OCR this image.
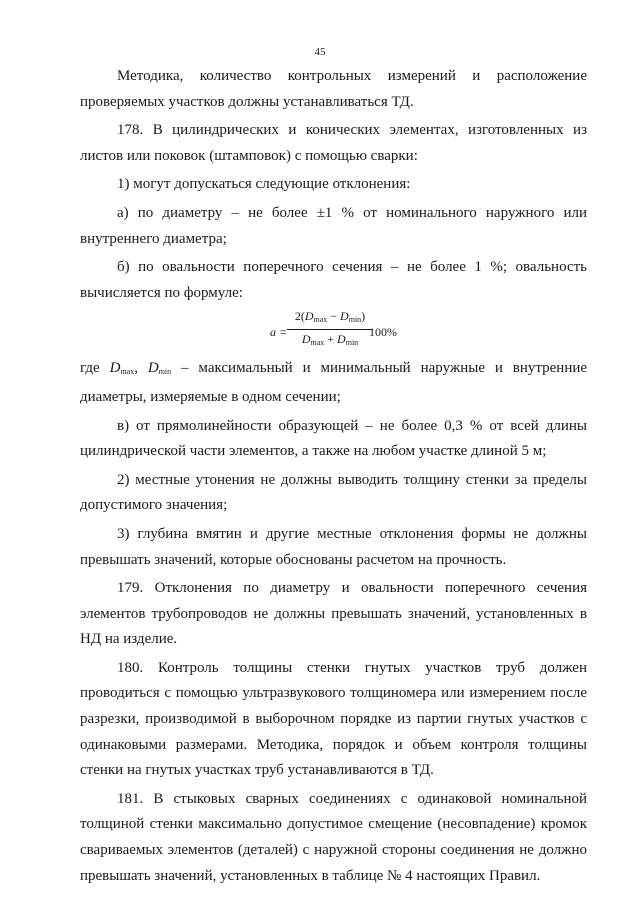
45

Методика, количество контрольных измерений и расположение проверяемых участков должны устанавливаться ТД.

178. В цилиндрических и конических элементах, изготовленных из листов или поковок (штамповок) с помощью сварки:

1) могут допускаться следующие отклонения:

а) по диаметру – не более ±1 % от номинального наружного или внутреннего диаметра;

б) по овальности поперечного сечения – не более 1 %; овальность вычисляется по формуле:

a =
$2(D_{max} - D_{min})$
$D_{max} + D_{min}$
100%

где $D_{max}$, $D_{min}$ – максимальный и минимальный наружные и внутренние диаметры, измеряемые в одном сечении;

в) от прямолинейности образующей – не более 0,3 % от всей длины цилиндрической части элементов, а также на любом участке длиной 5 м;

2) местные утонения не должны выводить толщину стенки за пределы допустимого значения;

3) глубина вмятин и другие местные отклонения формы не должны превышать значений, которые обоснованы расчетом на прочность.

179. Отклонения по диаметру и овальности поперечного сечения элементов трубопроводов не должны превышать значений, установленных в НД на изделие.

180. Контроль толщины стенки гнутых участков труб должен проводиться с помощью ультразвукового толщиномера или измерением после разрезки, производимой в выборочном порядке из партии гнутых участков с одинаковыми размерами. Методика, порядок и объем контроля толщины стенки на гнутых участках труб устанавливаются в ТД.

181. В стыковых сварных соединениях с одинаковой номинальной толщиной стенки максимально допустимое смещение (несовпадение) кромок свариваемых элементов (деталей) с наружной стороны соединения не должно превышать значений, установленных в таблице № 4 настоящих Правил.
